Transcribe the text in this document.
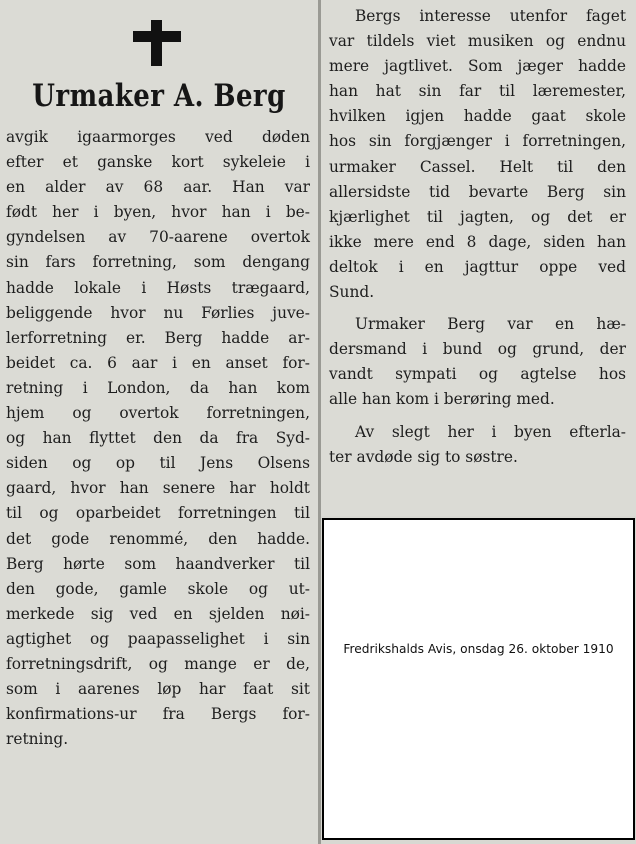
Urmaker A. Berg
avgik igaarmorges ved døden
efter et ganske kort sykeleie i
en alder av 68 aar. Han var
født her i byen, hvor han i be-
gyndelsen av 70-aarene overtok
sin fars forretning, som dengang
hadde lokale i Høsts trægaard,
beliggende hvor nu Førlies juve-
lerforretning er. Berg hadde ar-
beidet ca. 6 aar i en anset for-
retning i London, da han kom
hjem og overtok forretningen,
og han flyttet den da fra Syd-
siden og op til Jens Olsens
gaard, hvor han senere har holdt
til og oparbeidet forretningen til
det gode renommé, den hadde.
Berg hørte som haandverker til
den gode, gamle skole og ut-
merkede sig ved en sjelden nøi-
agtighet og paapasselighet i sin
forretningsdrift, og mange er de,
som i aarenes løp har faat sit
konfirmations-ur fra Bergs for-
retning.
Bergs interesse utenfor faget
var tildels viet musiken og endnu
mere jagtlivet. Som jæger hadde
han hat sin far til læremester,
hvilken igjen hadde gaat skole
hos sin forgjænger i forretningen,
urmaker Cassel. Helt til den
allersidste tid bevarte Berg sin
kjærlighet til jagten, og det er
ikke mere end 8 dage, siden han
deltok i en jagttur oppe ved
Sund.
Urmaker Berg var en hæ-
dersmand i bund og grund, der
vandt sympati og agtelse hos
alle han kom i berøring med.
Av slegt her i byen efterla-
ter avdøde sig to søstre.
Fredrikshalds Avis, onsdag 26. oktober 1910
